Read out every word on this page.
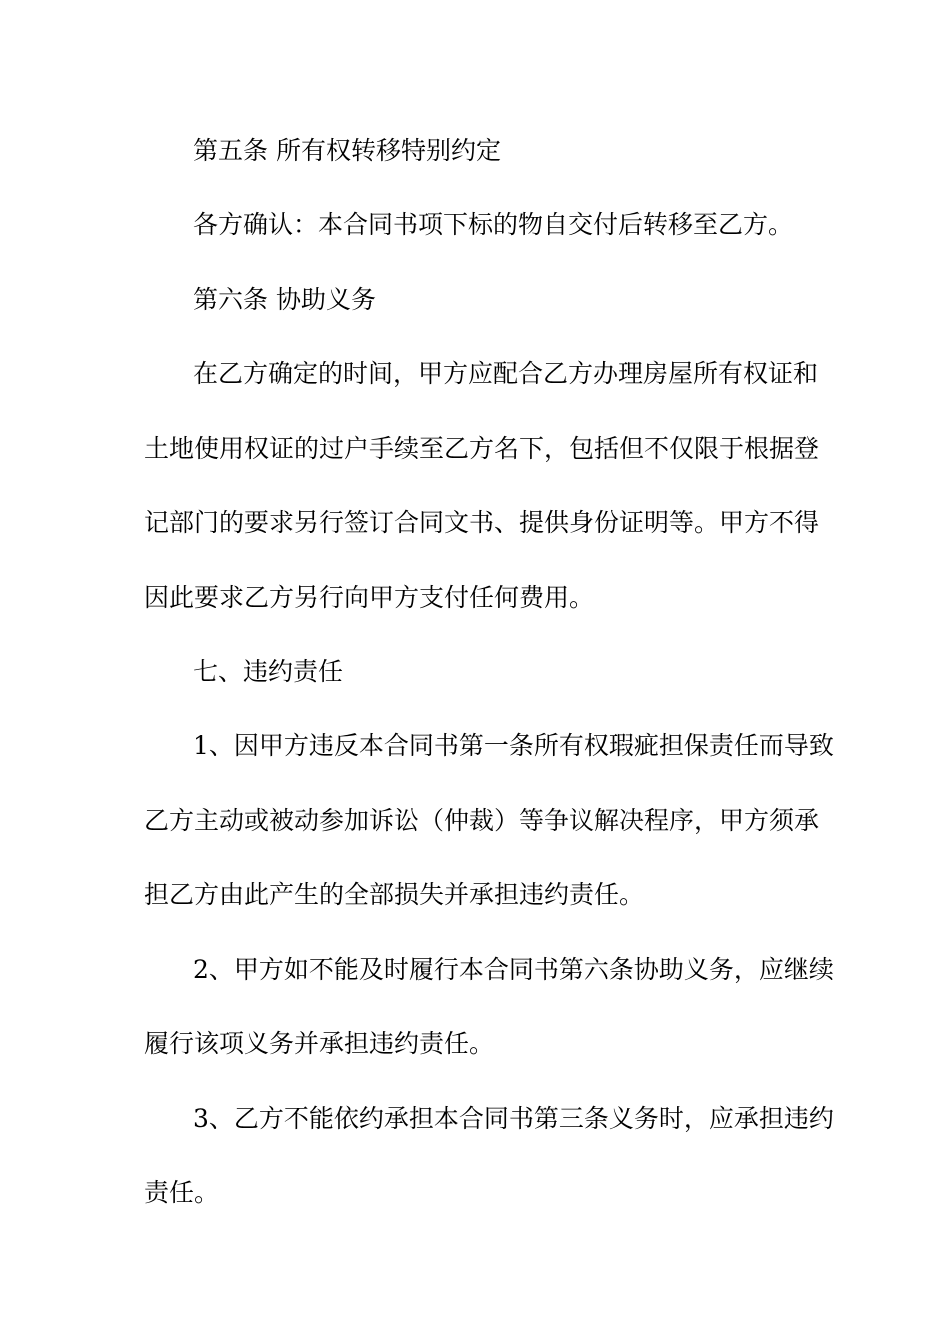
第五条 所有权转移特别约定
各方确认：本合同书项下标的物自交付后转移至乙方。
第六条 协助义务
在乙方确定的时间，甲方应配合乙方办理房屋所有权证和
土地使用权证的过户手续至乙方名下，包括但不仅限于根据登
记部门的要求另行签订合同文书、提供身份证明等。甲方不得
因此要求乙方另行向甲方支付任何费用。
七、违约责任
1、因甲方违反本合同书第一条所有权瑕疵担保责任而导致
乙方主动或被动参加诉讼（仲裁）等争议解决程序，甲方须承
担乙方由此产生的全部损失并承担违约责任。
2、甲方如不能及时履行本合同书第六条协助义务，应继续
履行该项义务并承担违约责任。
3、乙方不能依约承担本合同书第三条义务时，应承担违约
责任。
